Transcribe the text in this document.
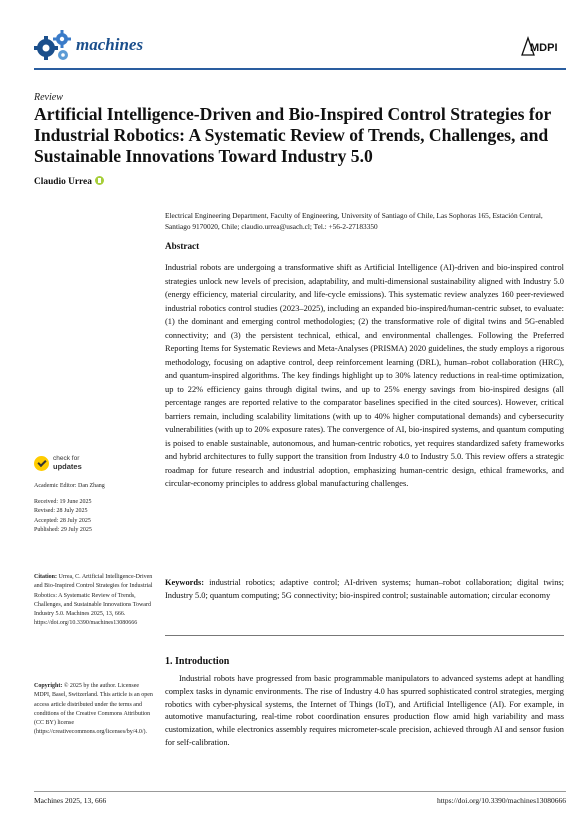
machines	MDPI
Review
Artificial Intelligence-Driven and Bio-Inspired Control Strategies for Industrial Robotics: A Systematic Review of Trends, Challenges, and Sustainable Innovations Toward Industry 5.0
Claudio Urrea
Electrical Engineering Department, Faculty of Engineering, University of Santiago of Chile, Las Sophoras 165, Estación Central, Santiago 9170020, Chile; claudio.urrea@usach.cl; Tel.: +56-2-27183350
Abstract

Industrial robots are undergoing a transformative shift as Artificial Intelligence (AI)-driven and bio-inspired control strategies unlock new levels of precision, adaptability, and multi-dimensional sustainability aligned with Industry 5.0 (energy efficiency, material circularity, and life-cycle emissions). This systematic review analyzes 160 peer-reviewed industrial robotics control studies (2023–2025), including an expanded bio-inspired/human-centric subset, to evaluate: (1) the dominant and emerging control methodologies; (2) the transformative role of digital twins and 5G-enabled connectivity; and (3) the persistent technical, ethical, and environmental challenges. Following the Preferred Reporting Items for Systematic Reviews and Meta-Analyses (PRISMA) 2020 guidelines, the study employs a rigorous methodology, focusing on adaptive control, deep reinforcement learning (DRL), human–robot collaboration (HRC), and quantum-inspired algorithms. The key findings highlight up to 30% latency reductions in real-time optimization, up to 22% efficiency gains through digital twins, and up to 25% energy savings from bio-inspired designs (all percentage ranges are reported relative to the comparator baselines specified in the cited sources). However, critical barriers remain, including scalability limitations (with up to 40% higher computational demands) and cybersecurity vulnerabilities (with up to 20% exposure rates). The convergence of AI, bio-inspired systems, and quantum computing is poised to enable sustainable, autonomous, and human-centric robotics, yet requires standardized safety frameworks and hybrid architectures to fully support the transition from Industry 4.0 to Industry 5.0. This review offers a strategic roadmap for future research and industrial adoption, emphasizing human-centric design, ethical frameworks, and circular-economy principles to address global manufacturing challenges.

Keywords: industrial robotics; adaptive control; AI-driven systems; human–robot collaboration; digital twins; Industry 5.0; quantum computing; 5G connectivity; bio-inspired control; sustainable automation; circular economy
1. Introduction

Industrial robots have progressed from basic programmable manipulators to advanced systems adept at handling complex tasks in dynamic environments. The rise of Industry 4.0 has spurred sophisticated control strategies, merging robotics with cyber-physical systems, the Internet of Things (IoT), and Artificial Intelligence (AI). For example, in automotive manufacturing, real-time robot coordination ensures production flow amid high variability and mass customization, while electronics assembly requires micrometer-scale precision, achieved through AI and sensor fusion for self-calibration.

check for
updates
Academic Editor: Dan Zhang
Received: 19 June 2025
Revised: 28 July 2025
Accepted: 28 July 2025
Published: 29 July 2025
Citation: Urrea, C. Artificial Intelligence-Driven and Bio-Inspired Control Strategies for Industrial Robotics: A Systematic Review of Trends, Challenges, and Sustainable Innovations Toward Industry 5.0. Machines 2025, 13, 666. https://doi.org/10.3390/machines13080666
Copyright: © 2025 by the author. Licensee MDPI, Basel, Switzerland. This article is an open access article distributed under the terms and conditions of the Creative Commons Attribution (CC BY) license (https://creativecommons.org/licenses/by/4.0/).
Machines 2025, 13, 666	https://doi.org/10.3390/machines13080666
